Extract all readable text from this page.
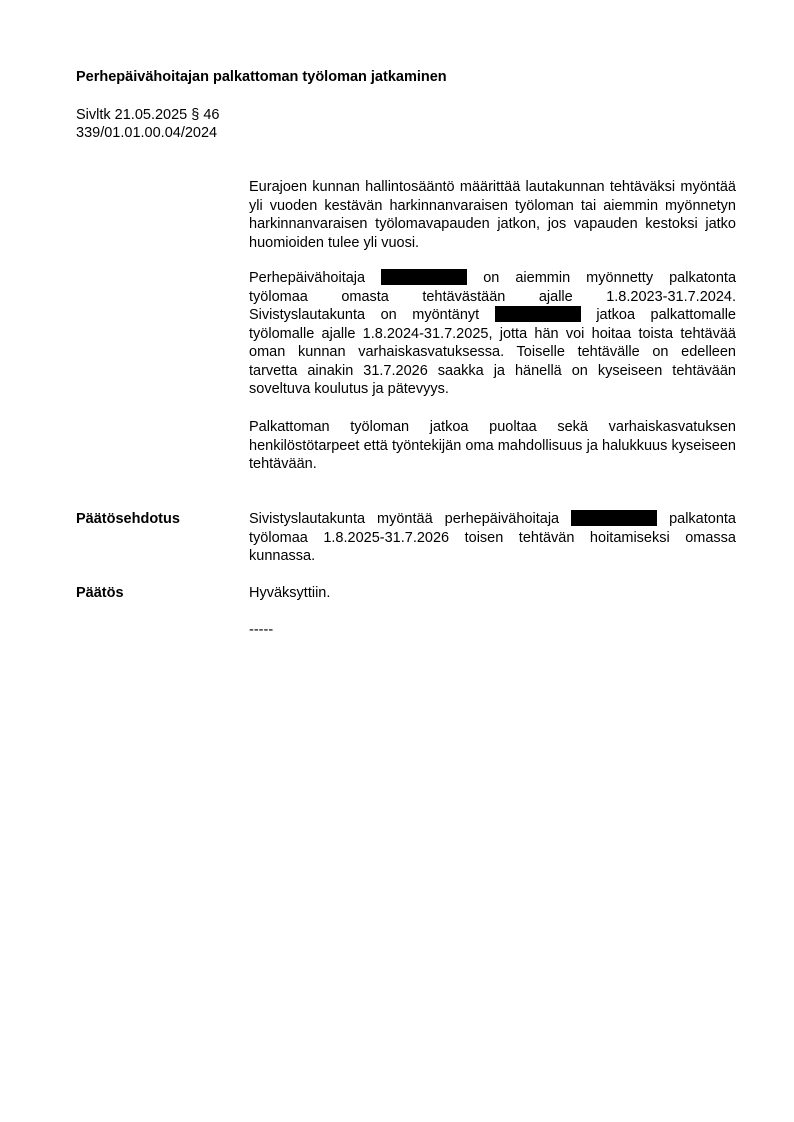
Perhepäivähoitajan palkattoman työloman jatkaminen
Sivltk 21.05.2025 § 46
339/01.01.00.04/2024

Eurajoen kunnan hallintosääntö määrittää lautakunnan tehtäväksi myöntää yli vuoden kestävän harkinnanvaraisen työloman tai aiemmin myönnetyn harkinnanvaraisen työlomavapauden jatkon, jos vapauden kestoksi jatko huomioiden tulee yli vuosi.

Perhepäivähoitaja	on aiemmin myönnetty palkatonta työlomaa omasta tehtävästään ajalle 1.8.2023-31.7.2024. Sivistyslautakunta on myöntänyt	jatkoa palkattomalle työlomalle ajalle 1.8.2024-31.7.2025, jotta hän voi hoitaa toista tehtävää oman kunnan varhaiskasvatuksessa. Toiselle tehtävälle on edelleen tarvetta ainakin 31.7.2026 saakka ja hänellä on kyseiseen tehtävään soveltuva koulutus ja pätevyys.

Palkattoman työloman jatkoa puoltaa sekä varhaiskasvatuksen henkilöstötarpeet että työntekijän oma mahdollisuus ja halukkuus kyseiseen tehtävään.

Päätösehdotus	Sivistyslautakunta myöntää perhepäivähoitaja	palkatonta työlomaa 1.8.2025-31.7.2026 toisen tehtävän hoitamiseksi omassa kunnassa.

Päätös	Hyväksyttiin.

-----
